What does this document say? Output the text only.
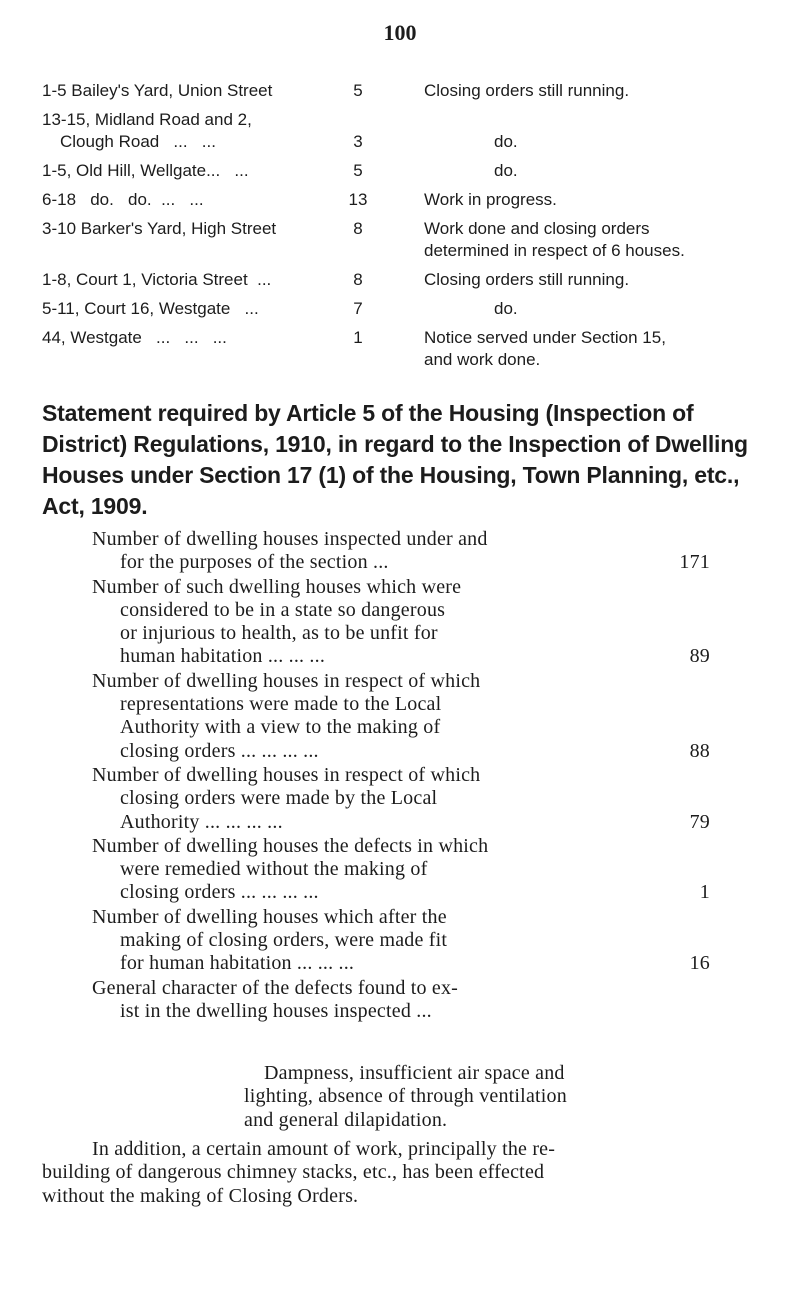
100
1-5 Bailey's Yard, Union Street	5	Closing orders still running.
13-15, Midland Road and 2,
Clough Road   ...   ...	3	do.
1-5, Old Hill, Wellgate...   ...	5	do.
6-18   do.   do.  ...   ...	13	Work in progress.
3-10 Barker's Yard, High Street	8	Work done and closing orders
determined in respect of 6 houses.
1-8, Court 1, Victoria Street  ...	8	Closing orders still running.
5-11, Court 16, Westgate   ...	7	do.
44, Westgate   ...   ...   ...	1	Notice served under Section 15,
and work done.
Statement required by Article 5 of the Housing (Inspection of
District) Regulations, 1910, in regard to the Inspection of Dwelling
Houses under Section 17 (1) of the Housing, Town Planning, etc.,
Act, 1909.
Number of dwelling houses inspected under and
for the purposes of the section ...	171
Number of such dwelling houses which were
considered to be in a state so dangerous
or injurious to health, as to be unfit for
human habitation ... ... ...	89
Number of dwelling houses in respect of which
representations were made to the Local
Authority with a view to the making of
closing orders ... ... ... ...	88
Number of dwelling houses in respect of which
closing orders were made by the Local
Authority ... ... ... ...	79
Number of dwelling houses the defects in which
were remedied without the making of
closing orders ... ... ... ...	1
Number of dwelling houses which after the
making of closing orders, were made fit
for human habitation ... ... ...	16
General character of the defects found to ex-
ist in the dwelling houses inspected ...
Dampness, insufficient air space and
lighting, absence of through ventilation
and general dilapidation.
In addition, a certain amount of work, principally the re-
building of dangerous chimney stacks, etc., has been effected
without the making of Closing Orders.
